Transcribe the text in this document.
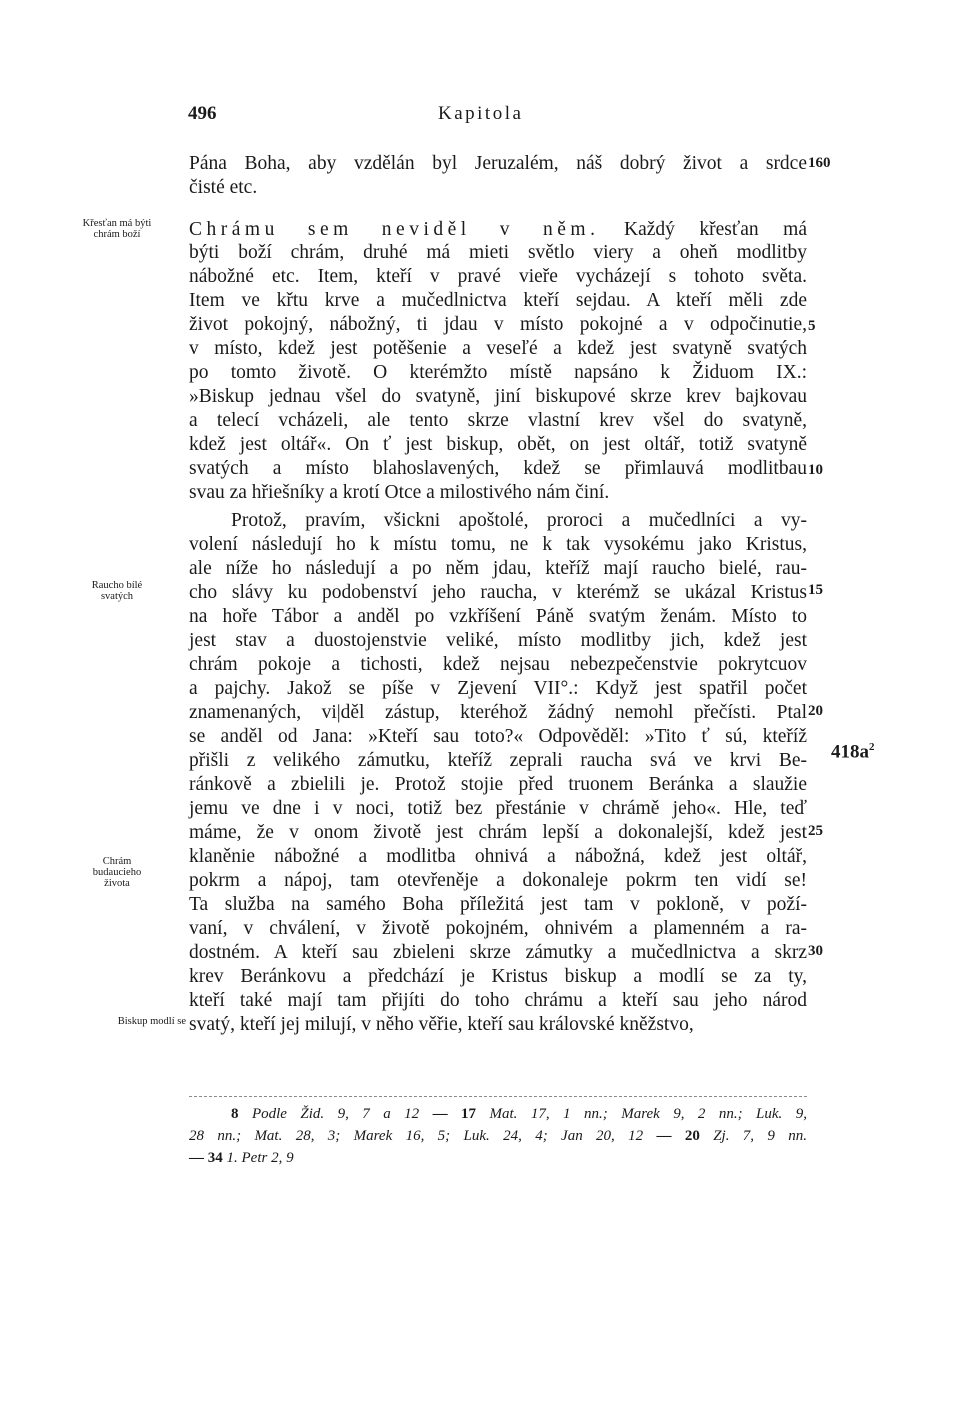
496	Kapitola
Pána Boha, aby vzdělán byl Jeruzalém, náš dobrý život a srdce
čisté etc.
Chrámu sem neviděl v něm. Každý křesťan má
býti boží chrám, druhé má mieti světlo viery a oheň modlitby
nábožné etc. Item, kteří v pravé vieře vycházejí s tohoto světa.
Item ve křtu krve a mučedlnictva kteří sejdau. A kteří měli zde
život pokojný, nábožný, ti jdau v místo pokojné a v odpočinutie,
v místo, kdež jest potěšenie a veseľé a kdež jest svatyně svatých
po tomto životě. O kterémžto místě napsáno k Židuom IX.:
»Biskup jednau všel do svatyně, jiní biskupové skrze krev bajkovau
a telecí vcházeli, ale tento skrze vlastní krev všel do svatyně,
kdež jest oltář«. On ť jest biskup, obět, on jest oltář, totiž svatyně
svatých a místo blahoslavených, kdež se přimlauvá modlitbau
svau za hřiešníky a krotí Otce a milostivého nám činí.
Protož, pravím, všickni apoštolé, proroci a mučedlníci a vy-
volení následují ho k místu tomu, ne k tak vysokému jako Kristus,
ale níže ho následují a po něm jdau, kteříž mají raucho bielé, rau-
cho slávy ku podobenství jeho raucha, v kterémž se ukázal Kristus
na hoře Tábor a anděl po vzkříšení Páně svatým ženám. Místo to
jest stav a duostojenstvie veliké, místo modlitby jich, kdež jest
chrám pokoje a tichosti, kdež nejsau nebezpečenstvie pokrytcuov
a pajchy. Jakož se píše v Zjevení VII°.: Když jest spatřil počet
znamenaných, vi|děl zástup, kteréhož žádný nemohl přečísti. Ptal
se anděl od Jana: »Kteří sau toto?« Odpověděl: »Tito ť sú, kteříž
přišli z velikého zámutku, kteříž zeprali raucha svá ve krvi Be-
ránkově a zbielili je. Protož stojie před truonem Beránka a slaužie
jemu ve dne i v noci, totiž bez přestánie v chrámě jeho«. Hle, teď
máme, že v onom životě jest chrám lepší a dokonalejší, kdež jest
klaněnie nábožné a modlitba ohnivá a nábožná, kdež jest oltář,
pokrm a nápoj, tam otevřeněje a dokonaleje pokrm ten vidí se!
Ta služba na samého Boha příležitá jest tam v pokloně, v poží-
vaní, v chválení, v životě pokojném, ohnivém a plamenném a ra-
dostném. A kteří sau zbieleni skrze zámutky a mučedlnictva a skrz
krev Beránkovu a předchází je Kristus biskup a modlí se za ty,
kteří také mají tam přijíti do toho chrámu a kteří sau jeho národ
svatý, kteří jej milují, v něho věřie, kteří sau královské kněžstvo,
160
5
10
15
20
25
30
$418a^2$
Křesťan má býti
chrám boží
Raucho bílé
svatých
Chrám
budaucieho
života
Biskup modlí se
8 Podle Žid. 9, 7 a 12 — 17 Mat. 17, 1 nn.; Marek 9, 2 nn.; Luk. 9,
28 nn.; Mat. 28, 3; Marek 16, 5; Luk. 24, 4; Jan 20, 12 — 20 Zj. 7, 9 nn.
— 34 1. Petr 2, 9
